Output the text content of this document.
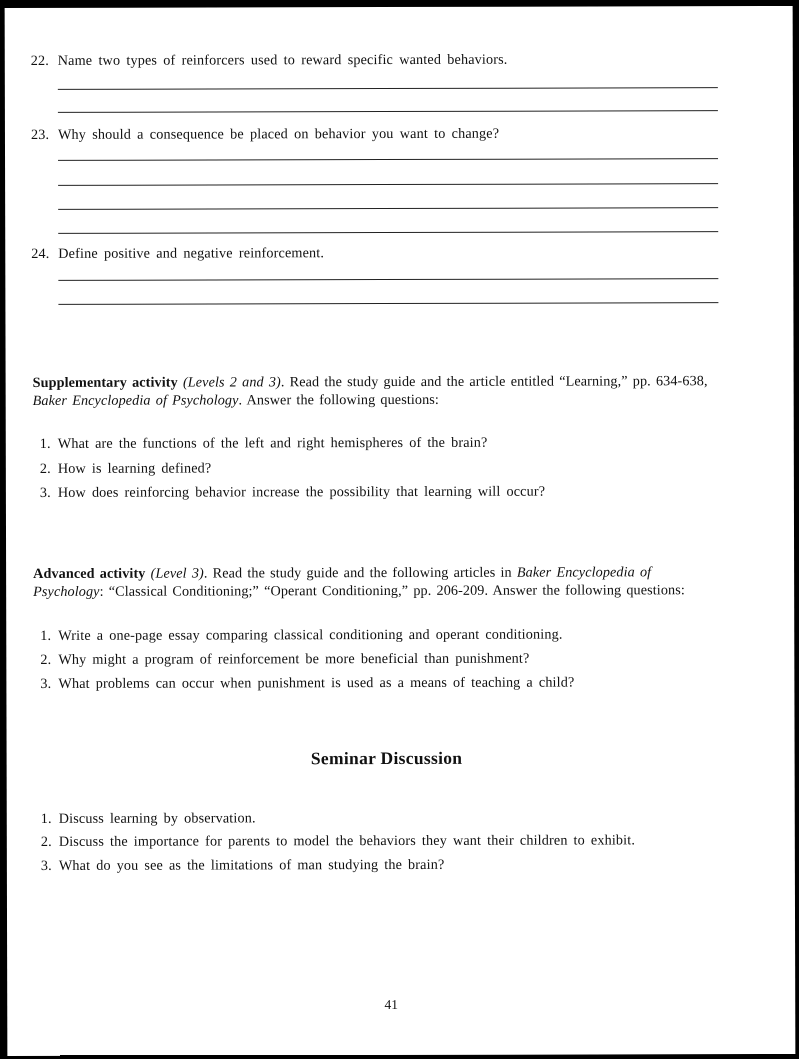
22. Name two types of reinforcers used to reward specific wanted behaviors.
23. Why should a consequence be placed on behavior you want to change?
24. Define positive and negative reinforcement.
Supplementary activity (Levels 2 and 3). Read the study guide and the article entitled “Learning,” pp. 634-638, Baker Encyclopedia of Psychology. Answer the following questions:
1. What are the functions of the left and right hemispheres of the brain?
2. How is learning defined?
3. How does reinforcing behavior increase the possibility that learning will occur?
Advanced activity (Level 3). Read the study guide and the following articles in Baker Encyclopedia of Psychology: “Classical Conditioning;” “Operant Conditioning,” pp. 206-209. Answer the following questions:
1. Write a one-page essay comparing classical conditioning and operant conditioning.
2. Why might a program of reinforcement be more beneficial than punishment?
3. What problems can occur when punishment is used as a means of teaching a child?
Seminar Discussion
1. Discuss learning by observation.
2. Discuss the importance for parents to model the behaviors they want their children to exhibit.
3. What do you see as the limitations of man studying the brain?
41
